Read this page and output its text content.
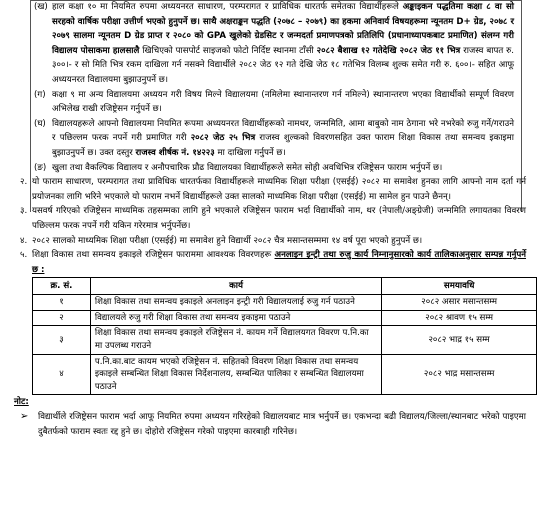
(ख) हाल कक्षा १० मा नियमित रुपमा अध्ययनरत साधारण, परम्परागत र प्राविधिक धारतर्फ समेतका विद्यार्थीहरूले अङ्काइकन पद्धतिमा कक्षा ८ वा सो सरहको वार्षिक परीक्षा उत्तीर्ण भएको हुनुपर्ने छ। साथै अक्षराङ्कन पद्धति (२०७८ – २०७९) का हकमा अनिवार्य विषयहरूमा न्यूनतम D+ ग्रेड, २०७८ र २०७९ सालमा न्यूनतम D ग्रेड प्राप्त र २०८० को GPA खुलेको ग्रेडसिट र जन्मदर्ता प्रमाणपत्रको प्रतिलिपि (प्रधानाध्यापकबाट प्रमाणित) संलग्न गरी विद्यालय पोसाकमा हालसालै खिचिएको पासपोर्ट साइजको फोटो निर्दिष्ट स्थानमा टाँसी २०८२ बैशाख १२ गतेदेखि २०८२ जेठ ११ भित्र राजस्व बापत रु. ३००।- र सो मिति भित्र रकम दाखिला गर्न नसक्ने विद्यार्थीले २०८२ जेठ १२ गते देखि जेठ १८ गतेभित्र विलम्ब शुल्क समेत गरी रु. ६००।- सहित आफू अध्ययनरत विद्यालयमा बुझाउनुपर्ने छ।

(ग) कक्षा ९ मा अन्य विद्यालयमा अध्ययन गरी विषय मिल्ने विद्यालयमा (नमिलेमा स्थानान्तरण गर्न नमिल्ने) स्थानान्तरण भएका विद्यार्थीको सम्पूर्ण विवरण अभिलेख राखी रजिष्ट्रेसन गर्नुपर्ने छ।

(घ) विद्यालयहरूले आफ्नो विद्यालयमा नियमित रूपमा अध्ययनरत विद्यार्थीहरूको नामथर, जन्ममिति, आमा बाबुको नाम ठेगाना भरे नभरेको रुजु गर्ने/गराउने र पछिल्लम फरक नपर्ने गरी प्रमाणित गरी २०८२ जेठ २५ भित्र राजस्व शुल्कको विवरणसहित उक्त फाराम शिक्षा विकास तथा समन्वय इकाइमा बुझाउनुपर्ने छ। उक्त दस्तुर राजस्व शीर्षक नं. १४२२३ मा दाखिला गर्नुपर्ने छ।

(ङ) खुला तथा वैकल्पिक विद्यालय र अनौपचारिक प्रौढ विद्यालयका विद्यार्थीहरूले समेत सोही अवधिभित्र रजिष्ट्रेसन फाराम भर्नुपर्ने छ।

२. यो फाराम साधारण, परम्परागत तथा प्राविधिक धारतर्फका विद्यार्थीहरूले माध्यमिक शिक्षा परीक्षा (एसईई) २०८२ मा समावेश हुनका लागि आफ्नो नाम दर्ता गर्न प्रयोजनका लागि भरिने भएकाले यो फाराम नभर्ने विद्यार्थीहरूले उक्त सालको माध्यमिक शिक्षा परीक्षा (एसईई) मा सामेल हुन पाउने छैनन्।

३. यसवर्ष गरिएको रजिष्ट्रेसन माध्यमिक तहसम्मका लागि हुने भएकाले रजिष्ट्रेसन फाराम भर्दा विद्यार्थीको नाम, थर (नेपाली/अङ्ग्रेजी) जन्ममिति लगायतका विवरण पछिल्लम फरक नपर्ने गरी यकिन गरेरमात्र भर्नुपर्नेछ।

४. २०८२ सालको माध्यमिक शिक्षा परीक्षा (एसईई) मा समावेश हुने विद्यार्थी २०८२ चैत्र मसान्तसम्ममा १४ वर्ष पूरा भएको हुनुपर्ने छ।

५. शिक्षा विकास तथा समन्वय इकाइले रजिष्ट्रेसन फाराममा आवश्यक विवरणहरू अनलाइन इन्ट्री तथा रुजु कार्य निम्नानुसारको कार्य तालिकाअनुसार सम्पन्न गर्नुपर्ने छ :

क्र. सं.	कार्य	समयावधि
१	शिक्षा विकास तथा समन्वय इकाइले अनलाइन इन्ट्री गरी विद्यालयलाई रुजु गर्न पठाउने	२०८२ असार मसान्तसम्म
२	विद्यालयले रुजु गरी शिक्षा विकास तथा समन्वय इकाइमा पठाउने	२०८२ श्रावण १५ सम्म
३	शिक्षा विकास तथा समन्वय इकाइले रजिष्ट्रेसन नं. कायम गर्ने विद्यालयगत विवरण प.नि.का मा उपलब्ध गराउने	२०८२ भाद्र १५ सम्म
४	प.नि.का.बाट कायम भएको रजिष्ट्रेसन नं. सहितको विवरण शिक्षा विकास तथा समन्वय इकाइले सम्बन्धित शिक्षा विकास निर्देशनालय, सम्बन्धित पालिका र सम्बन्धित विद्यालयमा पठाउने	२०८२ भाद्र मसान्तसम्म
नोट:
➢ विद्यार्थीले रजिष्ट्रेसन फाराम भर्दा आफू नियमित रुपमा अध्ययन गरिरहेको विद्यालयबाट मात्र भर्नुपर्ने छ। एकभन्दा बढी विद्यालय/जिल्ला/स्थानबाट भरेको पाइएमा दुबैतर्फको फाराम स्वतः रद्द हुने छ। दोहोरो रजिष्ट्रेसन गरेको पाइएमा कारबाही गरिनेछ।
